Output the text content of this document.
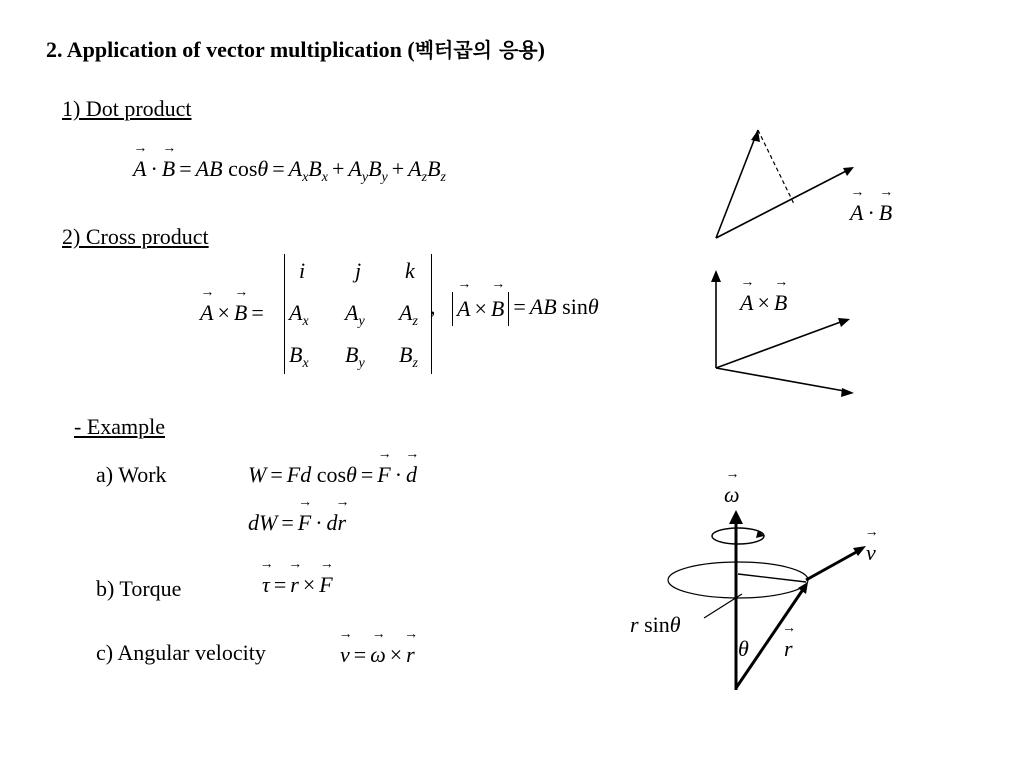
2. Application of vector multiplication (벡터곱의 응용)
1) Dot product
→ A · → B = AB $\cos\theta = A_xB_x + A_yB_y + A_zB_z$
→ A · → B
2) Cross product
→ A × → B =
i j k
$A_x$ $A_y$ $A_z$
$B_x$ $B_y$ $B_z$
, → A × → B = AB sinθ	→ A × → B
- Example
a) Work	W = Fd cosθ = → F · → d
dW = → F · d→ r
b) Torque	→ τ = → r × → F
c) Angular velocity	→ v = → ω × → r
→ ω
→ v
r sinθ
θ → r
